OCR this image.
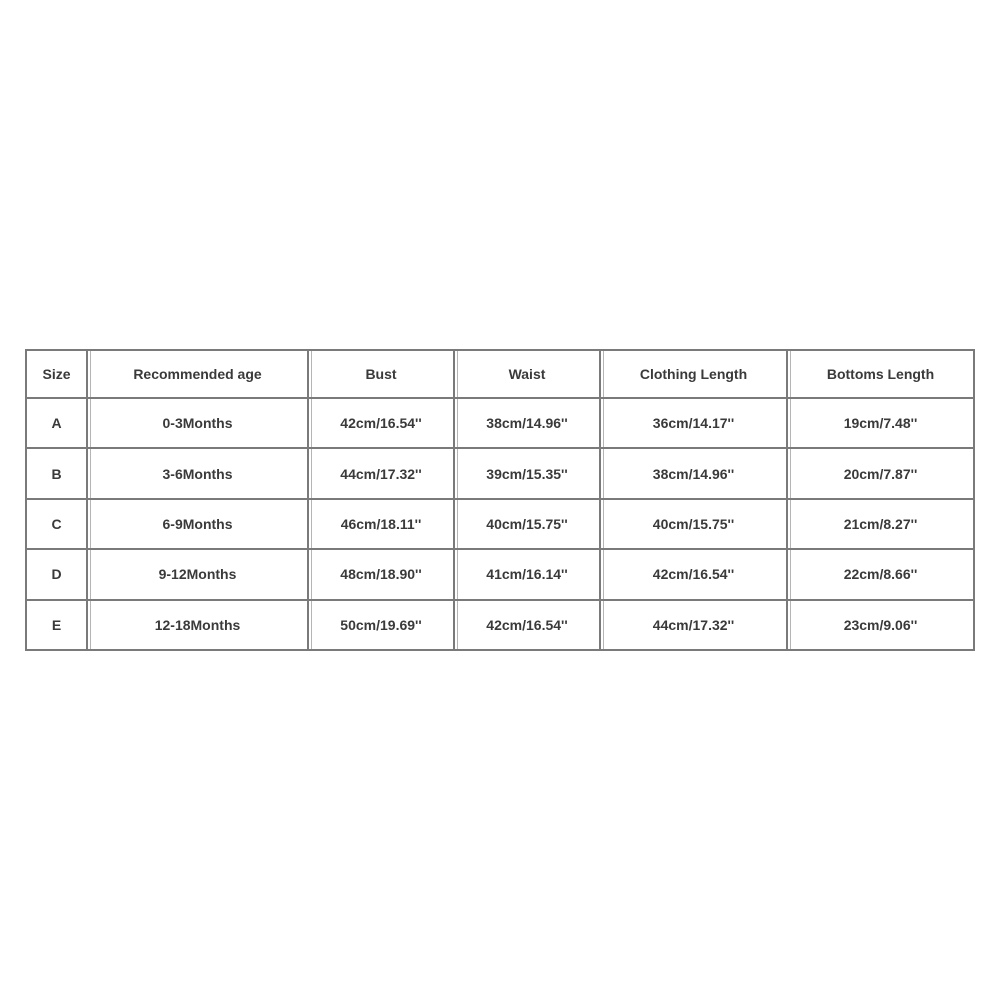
Size	Recommended age	Bust	Waist	Clothing Length	Bottoms Length
A	0-3Months	42cm/16.54''	38cm/14.96''	36cm/14.17''	19cm/7.48''
B	3-6Months	44cm/17.32''	39cm/15.35''	38cm/14.96''	20cm/7.87''
C	6-9Months	46cm/18.11''	40cm/15.75''	40cm/15.75''	21cm/8.27''
D	9-12Months	48cm/18.90''	41cm/16.14''	42cm/16.54''	22cm/8.66''
E	12-18Months	50cm/19.69''	42cm/16.54''	44cm/17.32''	23cm/9.06''
